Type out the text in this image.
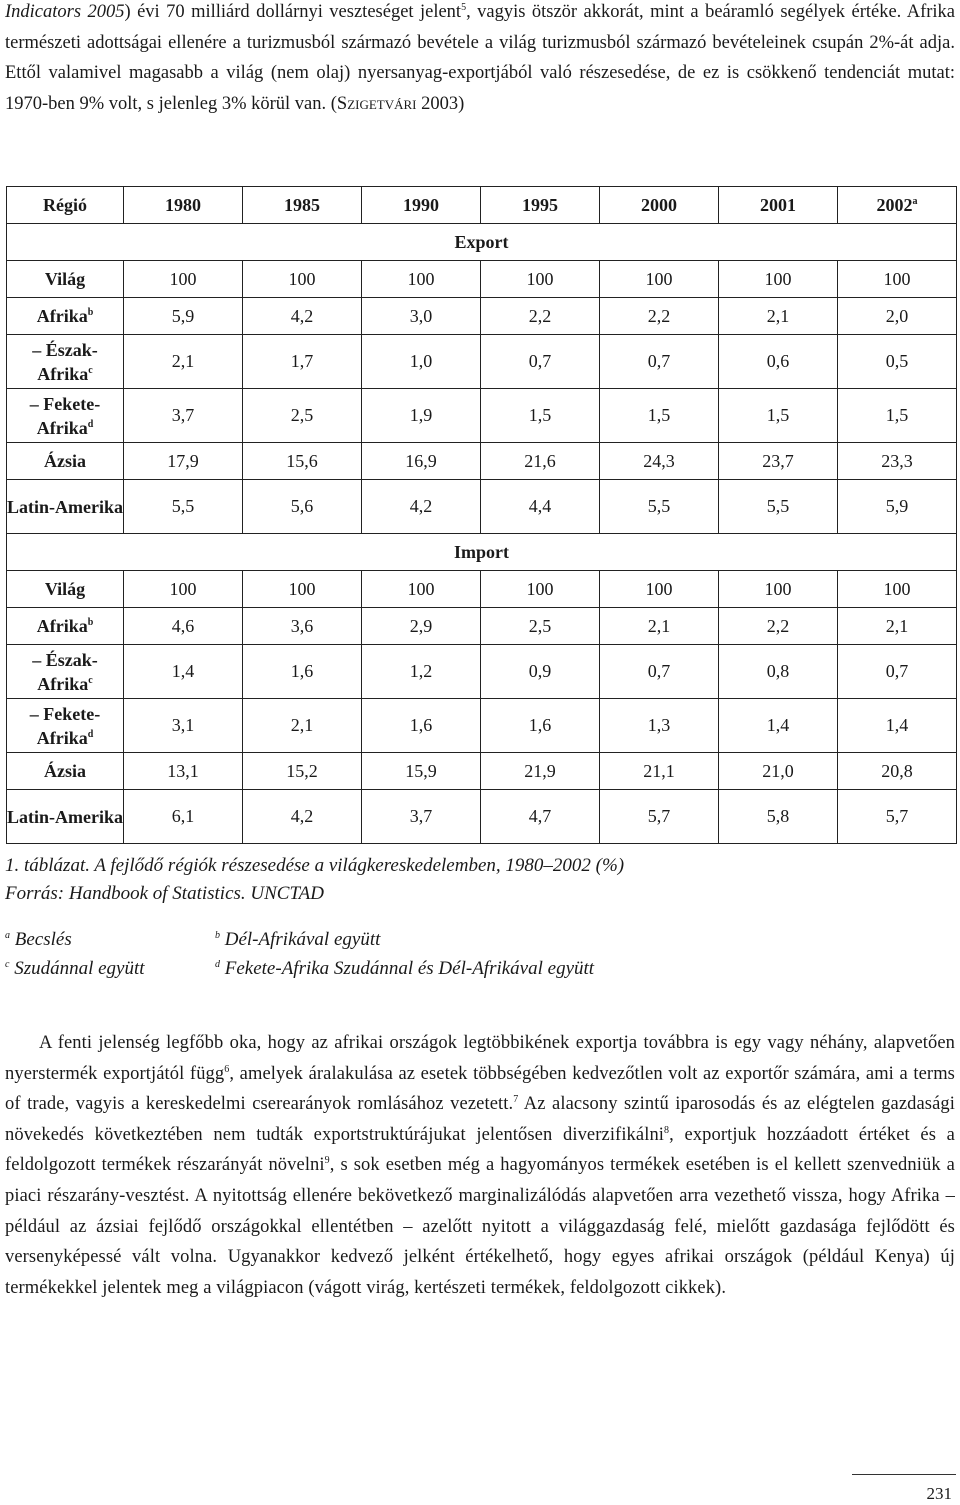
Indicators 2005) évi 70 milliárd dollárnyi veszteséget jelent$^5$, vagyis ötször akkorát, mint a beáramló segélyek értéke. Afrika természeti adottságai ellenére a turizmusból származó bevétele a világ turizmusból származó bevételeinek csupán 2%-át adja. Ettől valamivel magasabb a világ (nem olaj) nyersanyag-exportjából való részesedése, de ez is csökkenő tendenciát mutat: 1970-ben 9% volt, s jelenleg 3% körül van. (Szigetvári 2003)
Régió	1980	1985	1990	1995	2000	2001	2002$^a$
Export							
Világ	100	100	100	100	100	100	100
Afrika$^b$	5,9	4,2	3,0	2,2	2,2	2,1	2,0
– Észak-Afrika$^c$	2,1	1,7	1,0	0,7	0,7	0,6	0,5
– Fekete-Afrika$^d$	3,7	2,5	1,9	1,5	1,5	1,5	1,5
Ázsia	17,9	15,6	16,9	21,6	24,3	23,7	23,3
Latin-Amerika	5,5	5,6	4,2	4,4	5,5	5,5	5,9
Import							
Világ	100	100	100	100	100	100	100
Afrika$^b$	4,6	3,6	2,9	2,5	2,1	2,2	2,1
– Észak-Afrika$^c$	1,4	1,6	1,2	0,9	0,7	0,8	0,7
– Fekete-Afrika$^d$	3,1	2,1	1,6	1,6	1,3	1,4	1,4
Ázsia	13,1	15,2	15,9	21,9	21,1	21,0	20,8
Latin-Amerika	6,1	4,2	3,7	4,7	5,7	5,8	5,7
1. táblázat. A fejlődő régiók részesedése a világkereskedelemben, 1980–2002 (%)
Forrás: Handbook of Statistics. UNCTAD
$^a$ Becslés	$^b$ Dél-Afrikával együtt
$^c$ Szudánnal együtt	$^d$ Fekete-Afrika Szudánnal és Dél-Afrikával együtt
A fenti jelenség legfőbb oka, hogy az afrikai országok legtöbbikének exportja továbbra is egy vagy néhány, alapvetően nyerstermék exportjától függ$^6$, amelyek áralakulása az esetek többségében kedvezőtlen volt az exportőr számára, ami a terms of trade, vagyis a kereskedelmi cserearányok romlásához vezetett.$^7$ Az alacsony szintű iparosodás és az elégtelen gazdasági növekedés következtében nem tudták exportstruktúrájukat jelentősen diverzifikálni$^8$, exportjuk hozzáadott értéket és a feldolgozott termékek részarányát növelni$^9$, s sok esetben még a hagyományos termékek esetében is el kellett szenvedniük a piaci részarány-vesztést. A nyitottság ellenére bekövetkező marginalizálódás alapvetően arra vezethető vissza, hogy Afrika – például az ázsiai fejlődő országokkal ellentétben – azelőtt nyitott a világgazdaság felé, mielőtt gazdasága fejlődött és versenyképessé vált volna. Ugyanakkor kedvező jelként értékelhető, hogy egyes afrikai országok (például Kenya) új termékekkel jelentek meg a világpiacon (vágott virág, kertészeti termékek, feldolgozott cikkek).
231
